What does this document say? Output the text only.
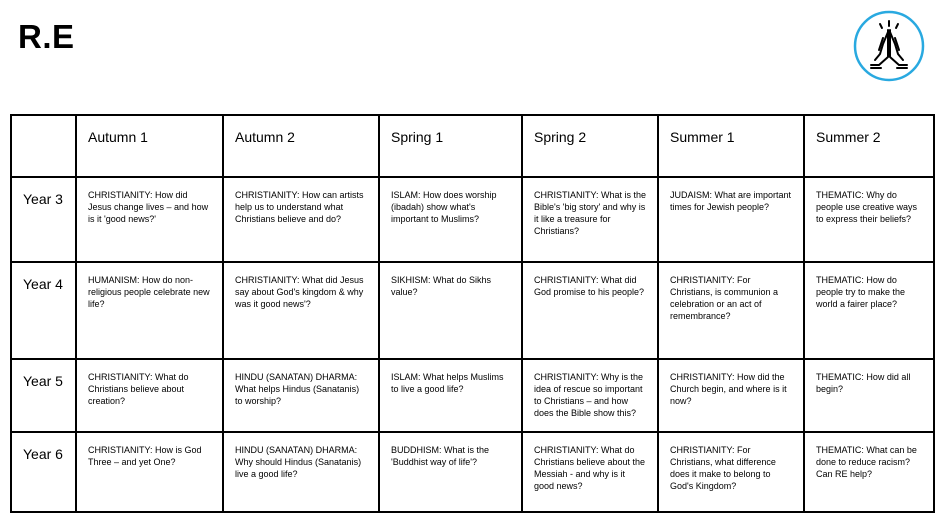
R.E

	Autumn 1	Autumn 2	Spring 1	Spring 2	Summer 1	Summer 2

Year 3	CHRISTIANITY: How did Jesus change lives – and how is it 'good news?'	CHRISTIANITY: How can artists help us to understand what Christians believe and do?	ISLAM: How does worship (ibadah) show what's important to Muslims?	CHRISTIANITY: What is the Bible's 'big story' and why is it like a treasure for Christians?	JUDAISM: What are important times for Jewish people?	THEMATIC: Why do people use creative ways to express their beliefs?

Year 4	HUMANISM: How do non-religious people celebrate new life?	CHRISTIANITY: What did Jesus say about God's kingdom & why was it good news'?	SIKHISM: What do Sikhs value?	CHRISTIANITY: What did God promise to his people?	CHRISTIANITY: For Christians, is communion a celebration or an act of remembrance?	THEMATIC: How do people try to make the world a fairer place?

Year 5	CHRISTIANITY: What do Christians believe about creation?	HINDU (SANATAN) DHARMA: What helps Hindus (Sanatanis) to worship?	ISLAM: What helps Muslims to live a good life?	CHRISTIANITY: Why is the idea of rescue so important to Christians – and how does the Bible show this?	CHRISTIANITY: How did the Church begin, and where is it now?	THEMATIC: How did all begin?

Year 6	CHRISTIANITY: How is God Three – and yet One?	HINDU (SANATAN) DHARMA: Why should Hindus (Sanatanis) live a good life?	BUDDHISM: What is the 'Buddhist way of life'?	CHRISTIANITY: What do Christians believe about the Messiah - and why is it good news?	CHRISTIANITY: For Christians, what difference does it make to belong to God's Kingdom?	THEMATIC: What can be done to reduce racism? Can RE help?
